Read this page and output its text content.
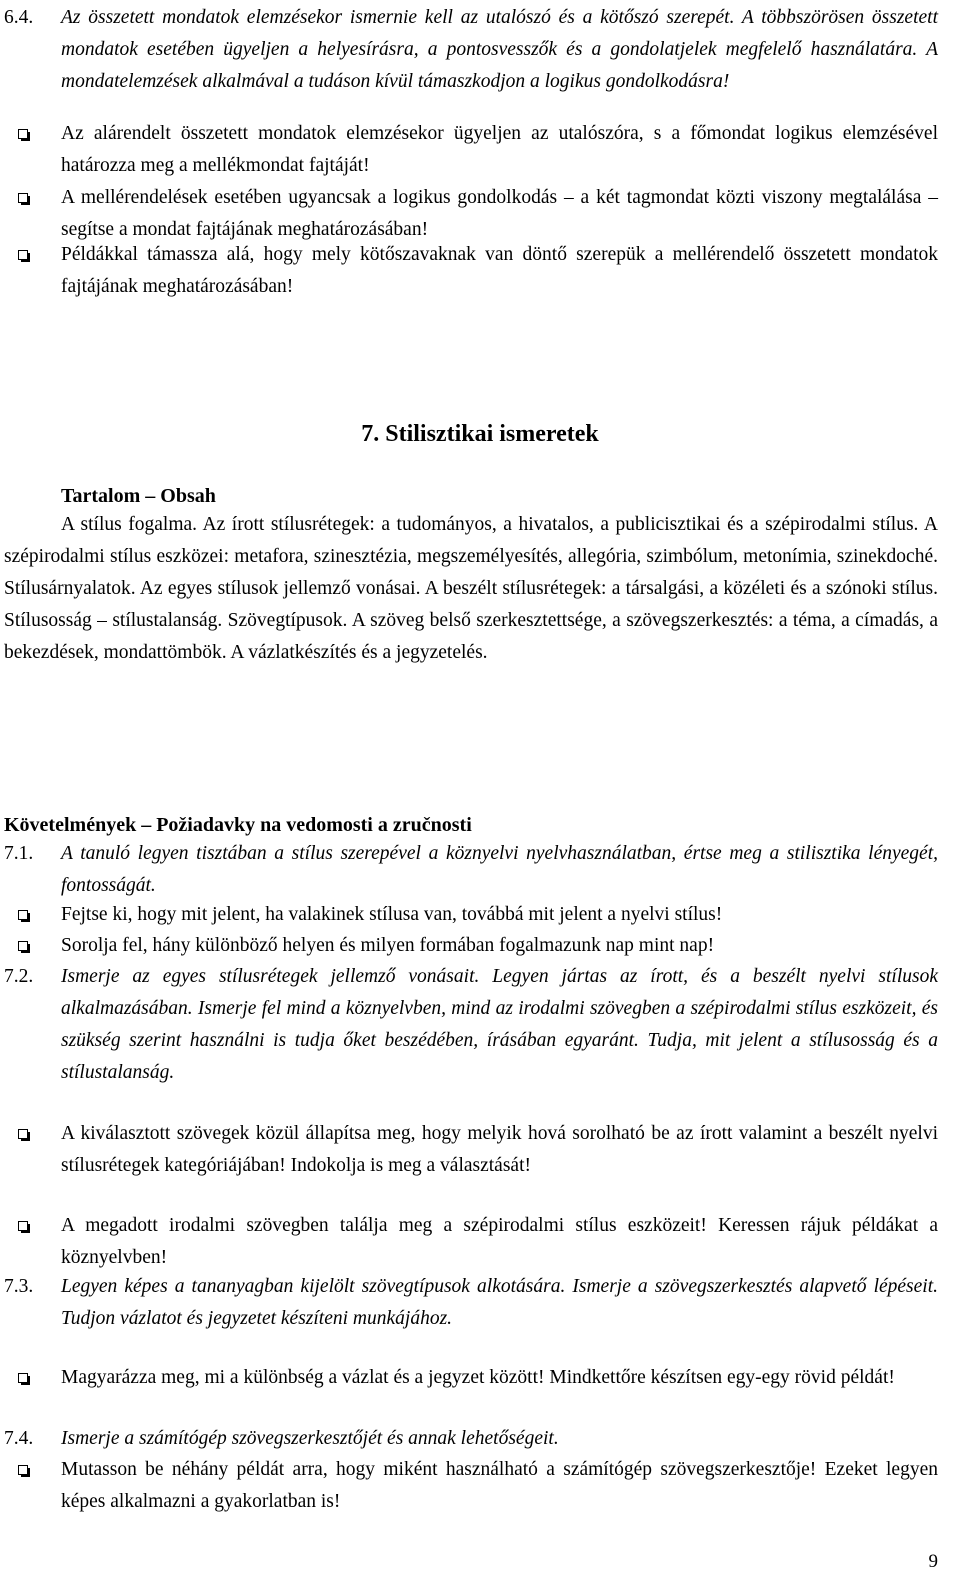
6.4. Az összetett mondatok elemzésekor ismernie kell az utalószó és a kötőszó szerepét. A többszörösen összetett mondatok esetében ügyeljen a helyesírásra, a pontosvesszők és a gondolatjelek megfelelő használatára. A mondatelemzések alkalmával a tudáson kívül támaszkodjon a logikus gondolkodásra!
Az alárendelt összetett mondatok elemzésekor ügyeljen az utalószóra, s a főmondat logikus elemzésével határozza meg a mellékmondat fajtáját!
A mellérendelések esetében ugyancsak a logikus gondolkodás – a két tagmondat közti viszony megtalálása – segítse a mondat fajtájának meghatározásában!
Példákkal támassza alá, hogy mely kötőszavaknak van döntő szerepük a mellérendelő összetett mondatok fajtájának meghatározásában!
7. Stilisztikai ismeretek
Tartalom – Obsah
A stílus fogalma. Az írott stílusrétegek: a tudományos, a hivatalos, a publicisztikai és a szépirodalmi stílus. A szépirodalmi stílus eszközei: metafora, szinesztézia, megszemélyesítés, allegória, szimbólum, metonímia, szinekdoché. Stílusárnyalatok. Az egyes stílusok jellemző vonásai. A beszélt stílusrétegek: a társalgási, a közéleti és a szónoki stílus. Stílusosság – stílustalanság. Szövegtípusok. A szöveg belső szerkesztettsége, a szövegszerkesztés: a téma, a címadás, a bekezdések, mondattömbök. A vázlatkészítés és a jegyzetelés.
Követelmények – Požiadavky na vedomosti a zručnosti
7.1. A tanuló legyen tisztában a stílus szerepével a köznyelvi nyelvhasználatban, értse meg a stilisztika lényegét, fontosságát.
Fejtse ki, hogy mit jelent, ha valakinek stílusa van, továbbá mit jelent a nyelvi stílus!
Sorolja fel, hány különböző helyen és milyen formában fogalmazunk nap mint nap!
7.2. Ismerje az egyes stílusrétegek jellemző vonásait. Legyen jártas az írott, és a beszélt nyelvi stílusok alkalmazásában. Ismerje fel mind a köznyelvben, mind az irodalmi szövegben a szépirodalmi stílus eszközeit, és szükség szerint használni is tudja őket beszédében, írásában egyaránt. Tudja, mit jelent a stílusosság és a stílustalanság.
A kiválasztott szövegek közül állapítsa meg, hogy melyik hová sorolható be az írott valamint a beszélt nyelvi stílusrétegek kategóriájában! Indokolja is meg a választását!
A megadott irodalmi szövegben találja meg a szépirodalmi stílus eszközeit! Keressen rájuk példákat a köznyelvben!
7.3. Legyen képes a tananyagban kijelölt szövegtípusok alkotására. Ismerje a szövegszerkesztés alapvető lépéseit. Tudjon vázlatot és jegyzetet készíteni munkájához.
Magyarázza meg, mi a különbség a vázlat és a jegyzet között! Mindkettőre készítsen egy-egy rövid példát!
7.4. Ismerje a számítógép szövegszerkesztőjét és annak lehetőségeit.
Mutasson be néhány példát arra, hogy miként használható a számítógép szövegszerkesztője! Ezeket legyen képes alkalmazni a gyakorlatban is!
9
